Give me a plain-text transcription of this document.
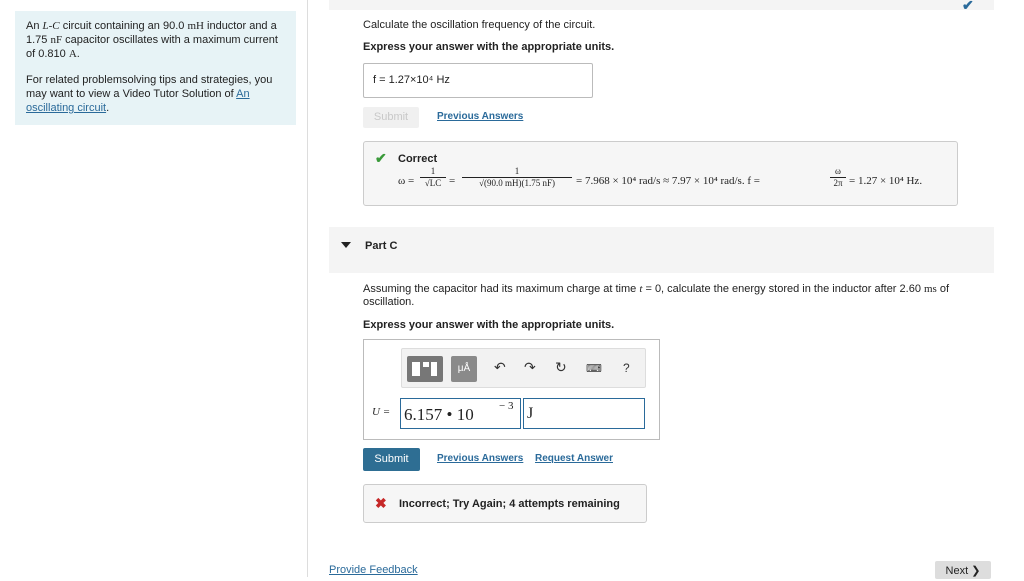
An L-C circuit containing an 90.0 mH inductor and a 1.75 nF capacitor oscillates with a maximum current of 0.810 A.

For related problemsolving tips and strategies, you may want to view a Video Tutor Solution of An oscillating circuit.

✔
Calculate the oscillation frequency of the circuit.
Express your answer with the appropriate units.
f = 1.27×10⁴ Hz
Submit	Previous Answers
✔ Correct
$\omega = \frac{1}{√LC} = \frac{1}{√(90.0 mH)(1.75 nF)} = 7.968 \times 10^4$ rad/s ≈ 7.97 × 10⁴ rad/s. f =	$\frac{\omega}{2\pi} = 1.27 \times 10^4$ Hz.
Part C
Assuming the capacitor had its maximum charge at time t = 0, calculate the energy stored in the inductor after 2.60 ms of oscillation.
Express your answer with the appropriate units.
μÅ	↶ ↷ ↻ ⌨ ?
U = 6.157 • 10 − 3 J
Submit	Previous Answers Request Answer
✖ Incorrect; Try Again; 4 attempts remaining
Provide Feedback	Next ❯
